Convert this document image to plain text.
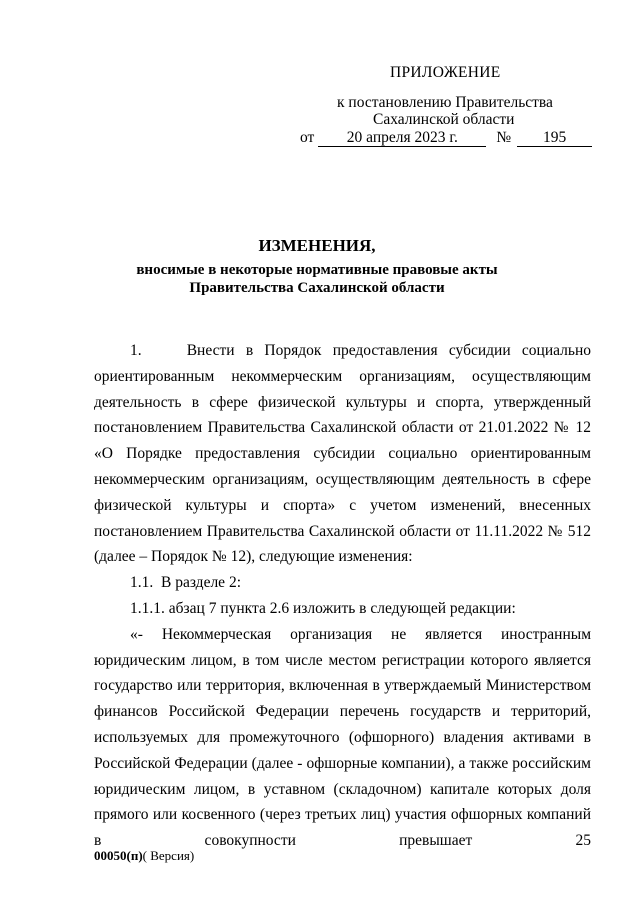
ПРИЛОЖЕНИЕ
к постановлению Правительства
Сахалинской области
от 20 апреля 2023 г. № 195
ИЗМЕНЕНИЯ,
вносимые в некоторые нормативные правовые акты
Правительства Сахалинской области

1.    Внести в Порядок предоставления субсидии социально ориентированным некоммерческим организациям, осуществляющим деятельность в сфере физической культуры и спорта, утвержденный постановлением Правительства Сахалинской области от 21.01.2022 № 12 «О Порядке предоставления субсидии социально ориентированным некоммерческим организациям, осуществляющим деятельность в сфере физической культуры и спорта» с учетом изменений, внесенных постановлением Правительства Сахалинской области от 11.11.2022 № 512 (далее – Порядок № 12), следующие изменения:

1.1.  В разделе 2:

1.1.1. абзац 7 пункта 2.6 изложить в следующей редакции:

«- Некоммерческая организация не является иностранным юридическим лицом, в том числе местом регистрации которого является государство или территория, включенная в утверждаемый Министерством финансов Российской Федерации перечень государств и территорий, используемых для промежуточного (офшорного) владения активами в Российской Федерации (далее - офшорные компании), а также российским юридическим лицом, в уставном (складочном) капитале которых доля прямого или косвенного (через третьих лиц) участия офшорных компаний в совокупности превышает 25

00050(п)( Версия)
